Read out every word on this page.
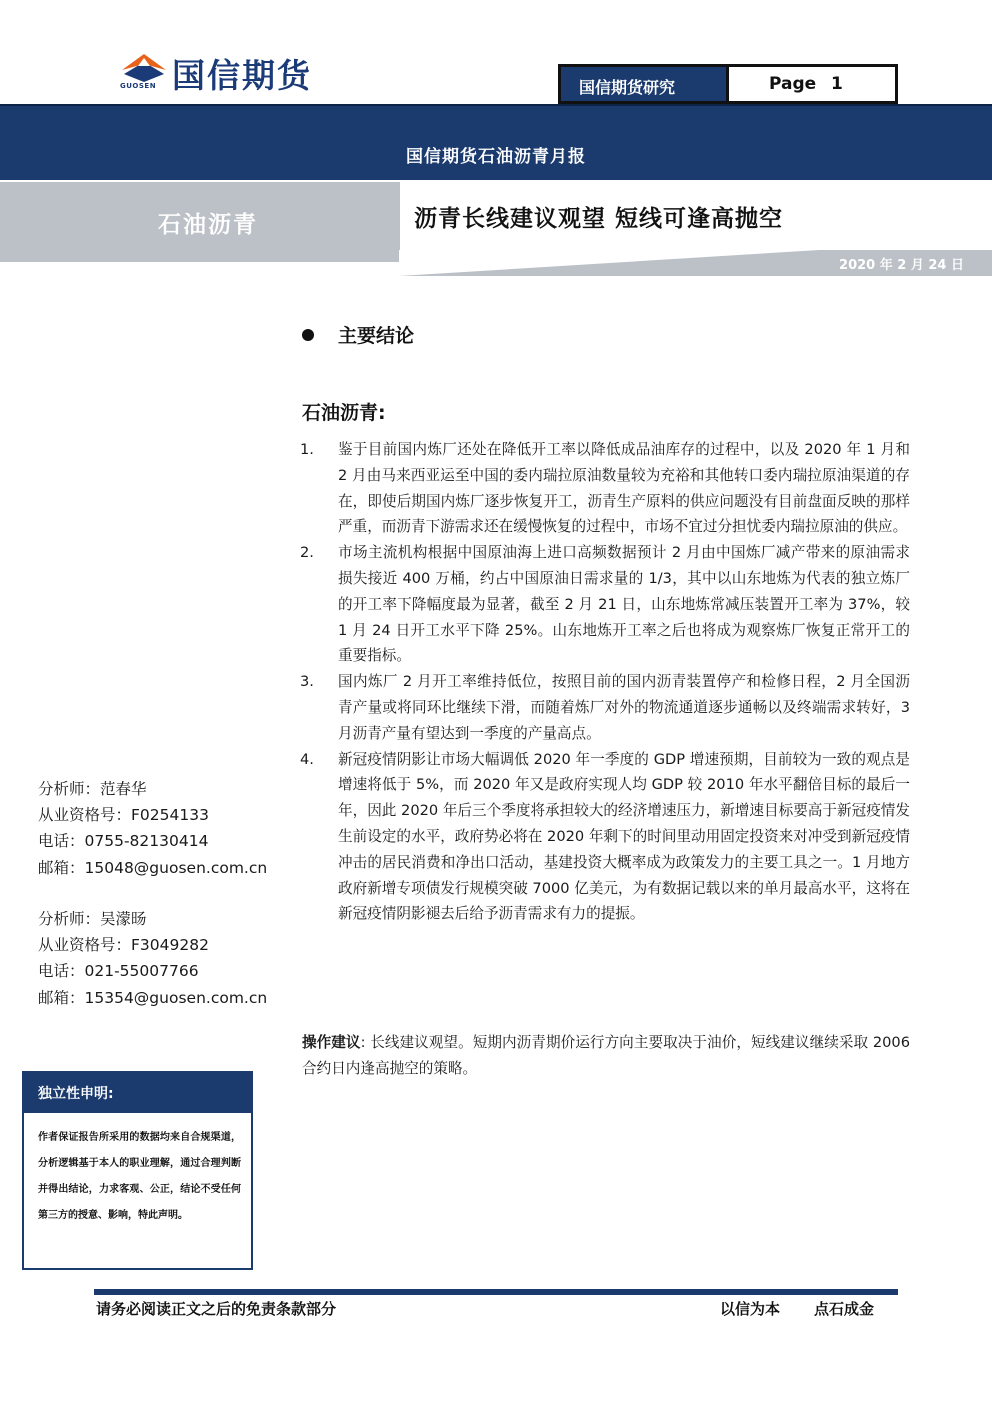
国信期货
GUOSEN	国信期货研究	Page 1
国信期货石油沥青月报
石油沥青	沥青长线建议观望 短线可逢高抛空
2020 年 2 月 24 日
主要结论
石油沥青:
1. 鉴于目前国内炼厂还处在降低开工率以降低成品油库存的过程中，以及 2020 年 1 月和 2 月由马来西亚运至中国的委内瑞拉原油数量较为充裕和其他转口委内瑞拉原油渠道的存在，即使后期国内炼厂逐步恢复开工，沥青生产原料的供应问题没有目前盘面反映的那样严重，而沥青下游需求还在缓慢恢复的过程中，市场不宜过分担忧委内瑞拉原油的供应。
2. 市场主流机构根据中国原油海上进口高频数据预计 2 月由中国炼厂减产带来的原油需求损失接近 400 万桶，约占中国原油日需求量的 1/3，其中以山东地炼为代表的独立炼厂的开工率下降幅度最为显著，截至 2 月 21 日，山东地炼常减压装置开工率为 37%，较 1 月 24 日开工水平下降 25%。山东地炼开工率之后也将成为观察炼厂恢复正常开工的重要指标。
3. 国内炼厂 2 月开工率维持低位，按照目前的国内沥青装置停产和检修日程，2 月全国沥青产量或将同环比继续下滑，而随着炼厂对外的物流通道逐步通畅以及终端需求转好，3 月沥青产量有望达到一季度的产量高点。
4. 新冠疫情阴影让市场大幅调低 2020 年一季度的 GDP 增速预期，目前较为一致的观点是增速将低于 5%，而 2020 年又是政府实现人均 GDP 较 2010 年水平翻倍目标的最后一年，因此 2020 年后三个季度将承担较大的经济增速压力，新增速目标要高于新冠疫情发生前设定的水平，政府势必将在 2020 年剩下的时间里动用固定投资来对冲受到新冠疫情冲击的居民消费和净出口活动，基建投资大概率成为政策发力的主要工具之一。1 月地方政府新增专项债发行规模突破 7000 亿美元，为有数据记载以来的单月最高水平，这将在新冠疫情阴影褪去后给予沥青需求有力的提振。
操作建议: 长线建议观望。短期内沥青期价运行方向主要取决于油价，短线建议继续采取 2006 合约日内逢高抛空的策略。
分析师：范春华
从业资格号：F0254133
电话：0755-82130414
邮箱：15048@guosen.com.cn
分析师：吴濛旸
从业资格号：F3049282
电话：021-55007766
邮箱：15354@guosen.com.cn
独立性申明:
作者保证报告所采用的数据均来自合规渠道，分析逻辑基于本人的职业理解，通过合理判断 并得出结论，力求客观、公正，结论不受任何第三方的授意、影响，特此声明。
请务必阅读正文之后的免责条款部分	以信为本 点石成金
